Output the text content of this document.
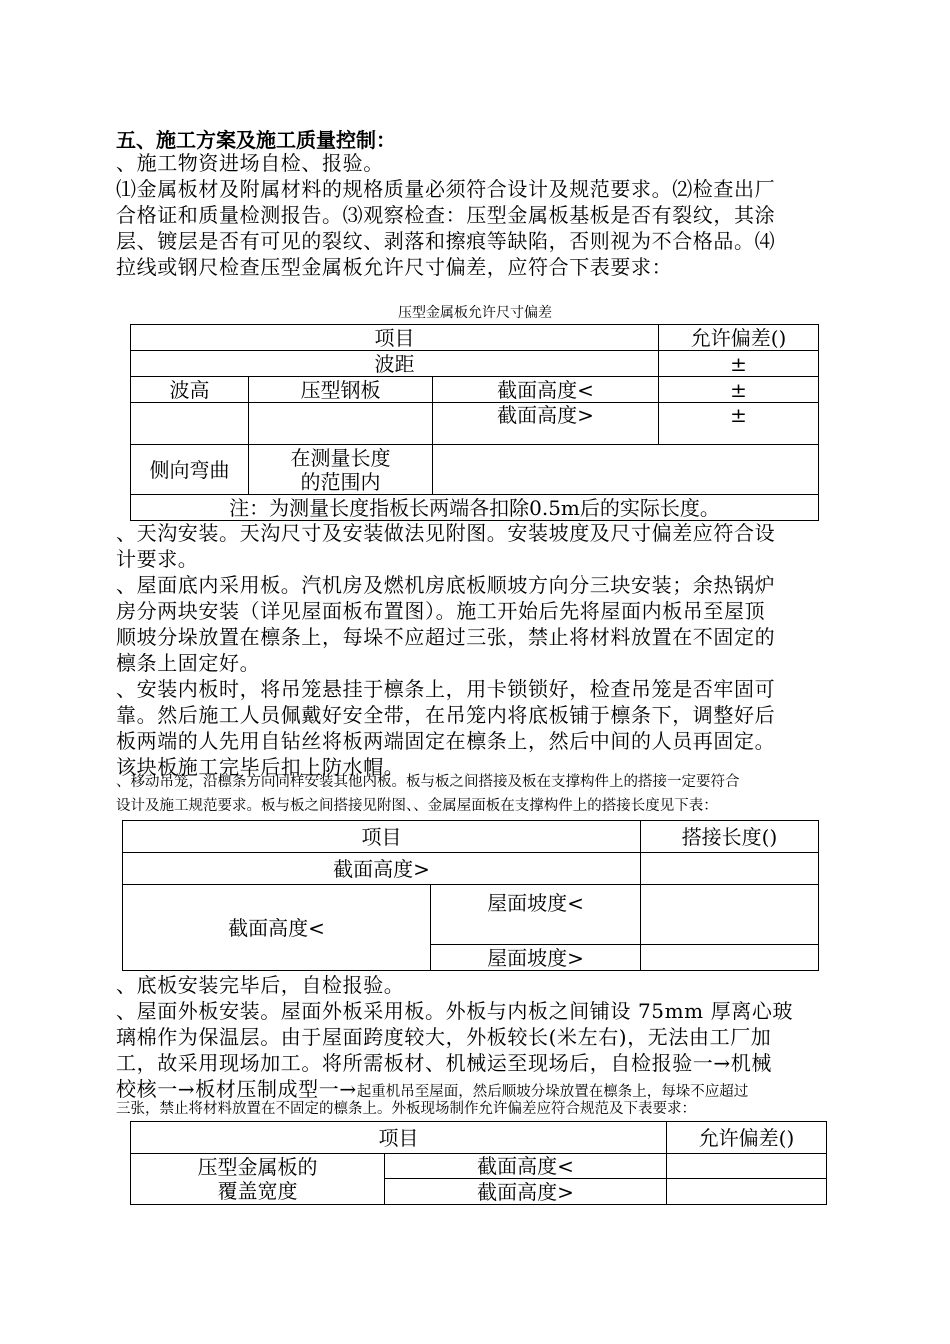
五、施工方案及施工质量控制：

、施工物资进场自检、报验。

⑴金属板材及附属材料的规格质量必须符合设计及规范要求。⑵检查出厂

合格证和质量检测报告。⑶观察检查：压型金属板基板是否有裂纹，其涂

层、镀层是否有可见的裂纹、剥落和擦痕等缺陷，否则视为不合格品。⑷

拉线或钢尺检查压型金属板允许尺寸偏差，应符合下表要求：

压型金属板允许尺寸偏差
项目			允许偏差()
波距			±
波高	压型钢板	截面高度<	±
		截面高度>	±
侧向弯曲	在测量长度
的范围内		

注：为测量长度指板长两端各扣除0.5m后的实际长度。			

、天沟安装。天沟尺寸及安装做法见附图。安装坡度及尺寸偏差应符合设

计要求。

、屋面底内采用板。汽机房及燃机房底板顺坡方向分三块安装；余热锅炉

房分两块安装（详见屋面板布置图）。施工开始后先将屋面内板吊至屋顶

顺坡分垛放置在檩条上，每垛不应超过三张，禁止将材料放置在不固定的

檩条上固定好。

、安装内板时，将吊笼悬挂于檩条上，用卡锁锁好，检查吊笼是否牢固可

靠。然后施工人员佩戴好安全带，在吊笼内将底板铺于檩条下，调整好后

板两端的人先用自钻丝将板两端固定在檩条上，然后中间的人员再固定。

该块板施工完毕后扣上防水帽。

、移动吊笼，沿檩条方向同样安装其他内板。板与板之间搭接及板在支撑构件上的搭接一定要符合

设计及施工规范要求。板与板之间搭接见附图、、金属屋面板在支撑构件上的搭接长度见下表：

项目		搭接长度()
截面高度>		
截面高度<	屋面坡度<	
	屋面坡度>	

、底板安装完毕后，自检报验。

、屋面外板安装。屋面外板采用板。外板与内板之间铺设 75mm 厚离心玻

璃棉作为保温层。由于屋面跨度较大，外板较长(米左右)，无法由工厂加

工，故采用现场加工。将所需板材、机械运至现场后，自检报验一→机械

校核一→板材压制成型一→起重机吊至屋面，然后顺坡分垛放置在檩条上，每垛不应超过

三张，禁止将材料放置在不固定的檩条上。外板现场制作允许偏差应符合规范及下表要求：

项目		允许偏差()

压型金属板的
覆盖宽度	截面高度<	
	截面高度>	
